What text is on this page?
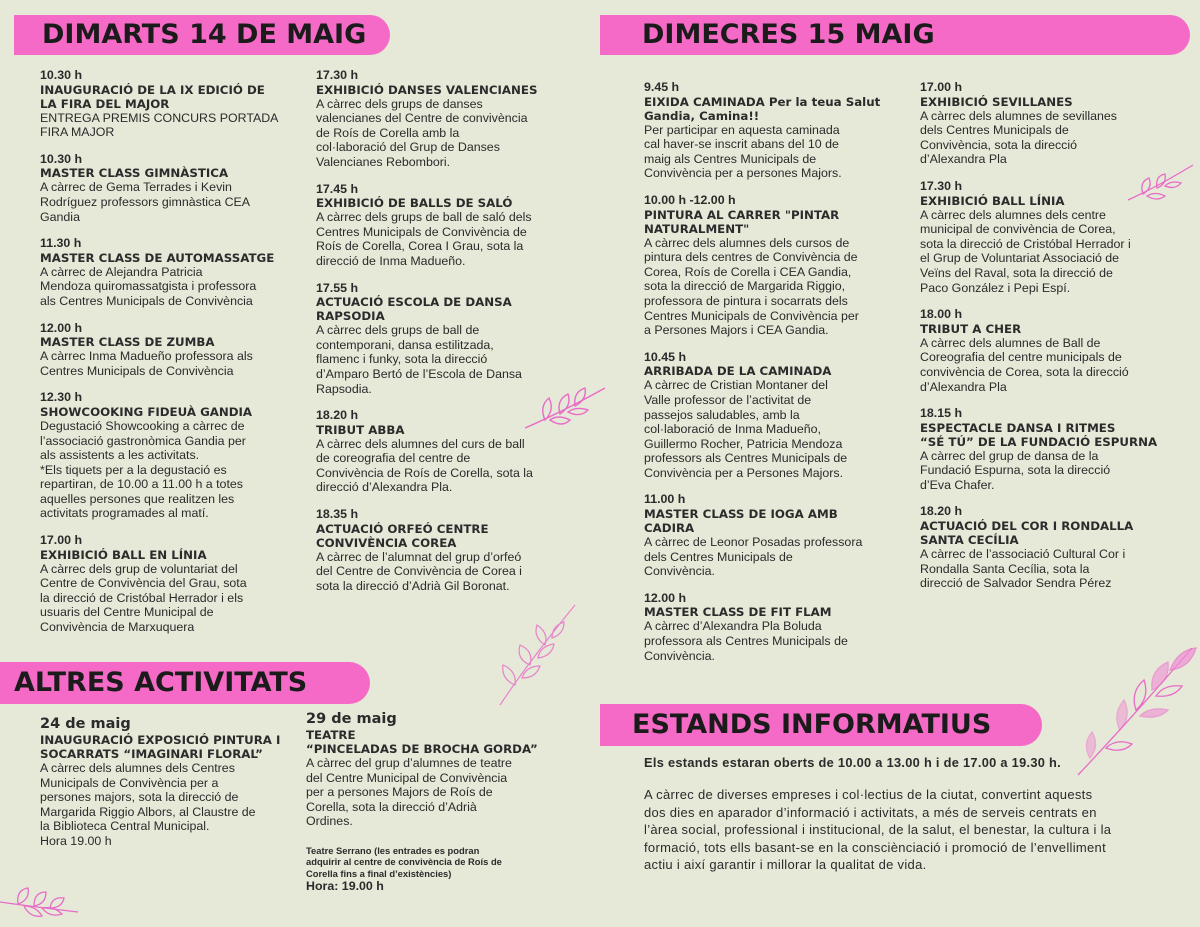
DIMARTS 14 DE MAIG	DIMECRES 15 MAIG
ALTRES ACTIVITATS
ESTANDS INFORMATIUS
10.30 h
INAUGURACIÓ DE LA IX EDICIÓ DE
LA FIRA DEL MAJOR
ENTREGA PREMIS CONCURS PORTADA
FIRA MAJOR
10.30 h
MASTER CLASS GIMNÀSTICA
A càrrec de Gema Terrades i Kevin
Rodríguez professors gimnàstica CEA
Gandia
11.30 h
MASTER CLASS DE AUTOMASSATGE
A càrrec de Alejandra Patricia
Mendoza quiromassatgista i professora
als Centres Municipals de Convivència
12.00 h
MASTER CLASS DE ZUMBA
A càrrec Inma Madueño professora als
Centres Municipals de Convivència
12.30 h
SHOWCOOKING FIDEUÀ GANDIA
Degustació Showcooking a càrrec de
l’associació gastronòmica Gandia per
als assistents a les activitats.
*Els tiquets per a la degustació es
repartiran, de 10.00 a 11.00 h a totes
aquelles persones que realitzen les
activitats programades al matí.
17.00 h
EXHIBICIÓ BALL EN LÍNIA
A càrrec dels grup de voluntariat del
Centre de Convivència del Grau, sota
la direcció de Cristóbal Herrador i els
usuaris del Centre Municipal de
Convivència de Marxuquera
17.30 h
EXHIBICIÓ DANSES VALENCIANES
A càrrec dels grups de danses
valencianes del Centre de convivència
de Roís de Corella amb la
col·laboració del Grup de Danses
Valencianes Rebombori.
17.45 h
EXHIBICIÓ DE BALLS DE SALÓ
A càrrec dels grups de ball de saló dels
Centres Municipals de Convivència de
Roís de Corella, Corea I Grau, sota la
direcció de Inma Madueño.
17.55 h
ACTUACIÓ ESCOLA DE DANSA
RAPSODIA
A càrrec dels grups de ball de
contemporani, dansa estilitzada,
flamenc i funky, sota la direcció
d’Amparo Bertó de l’Escola de Dansa
Rapsodia.
18.20 h
TRIBUT ABBA
A càrrec dels alumnes del curs de ball
de coreografia del centre de
Convivència de Roís de Corella, sota la
direcció d’Alexandra Pla.
18.35 h
ACTUACIÓ ORFEÓ CENTRE
CONVIVÈNCIA COREA
A càrrec de l’alumnat del grup d’orfeó
del Centre de Convivència de Corea i
sota la direcció d’Adrià Gil Boronat.
9.45 h
EIXIDA CAMINADA Per la teua Salut
Gandia, Camina!!
Per participar en aquesta caminada
cal haver-se inscrit abans del 10 de
maig als Centres Municipals de
Convivència per a persones Majors.
10.00 h -12.00 h
PINTURA AL CARRER "PINTAR
NATURALMENT"
A càrrec dels alumnes dels cursos de
pintura dels centres de Convivència de
Corea, Roís de Corella i CEA Gandia,
sota la direcció de Margarida Riggio,
professora de pintura i socarrats dels
Centres Municipals de Convivència per
a Persones Majors i CEA Gandia.
10.45 h
ARRIBADA DE LA CAMINADA
A càrrec de Cristian Montaner del
Valle professor de l’activitat de
passejos saludables, amb la
col·laboració de Inma Madueño,
Guillermo Rocher, Patricia Mendoza
professors als Centres Municipals de
Convivència per a Persones Majors.
11.00 h
MASTER CLASS DE IOGA AMB
CADIRA
A càrrec de Leonor Posadas professora
dels Centres Municipals de
Convivència.
12.00 h
MASTER CLASS DE FIT FLAM
A càrrec d’Alexandra Pla Boluda
professora als Centres Municipals de
Convivència.
17.00 h
EXHIBICIÓ SEVILLANES
A càrrec dels alumnes de sevillanes
dels Centres Municipals de
Convivència, sota la direcció
d’Alexandra Pla
17.30 h
EXHIBICIÓ BALL LÍNIA
A càrrec dels alumnes dels centre
municipal de convivència de Corea,
sota la direcció de Cristóbal Herrador i
el Grup de Voluntariat Associació de
Veïns del Raval, sota la direcció de
Paco González i Pepi Espí.
18.00 h
TRIBUT A CHER
A càrrec dels alumnes de Ball de
Coreografia del centre municipals de
convivència de Corea, sota la direcció
d’Alexandra Pla
18.15 h
ESPECTACLE DANSA I RITMES
“SÉ TÚ” DE LA FUNDACIÓ ESPURNA
A càrrec del grup de dansa de la
Fundació Espurna, sota la direcció
d’Eva Chafer.
18.20 h
ACTUACIÓ DEL COR I RONDALLA
SANTA CECÍLIA
A càrrec de l’associació Cultural Cor i
Rondalla Santa Cecília, sota la
direcció de Salvador Sendra Pérez
24 de maig
INAUGURACIÓ EXPOSICIÓ PINTURA I
SOCARRATS “IMAGINARI FLORAL”
A càrrec dels alumnes dels Centres
Municipals de Convivència per a
persones majors, sota la direcció de
Margarida Riggio Albors, al Claustre de
la Biblioteca Central Municipal.
Hora 19.00 h
29 de maig
TEATRE
“PINCELADAS DE BROCHA GORDA”
A càrrec del grup d’alumnes de teatre
del Centre Municipal de Convivència
per a persones Majors de Roís de
Corella, sota la direcció d’Adrià
Ordines.
Teatre Serrano (les entrades es podran
adquirir al centre de convivència de Roís de
Corella fins a final d’existències)
Hora: 19.00 h
Els estands estaran oberts de 10.00 a 13.00 h i de 17.00 a 19.30 h.
A càrrec de diverses empreses i col·lectius de la ciutat, convertint aquests
dos dies en aparador d’informació i activitats, a més de serveis centrats en
l’àrea social, professional i institucional, de la salut, el benestar, la cultura i la
formació, tots ells basant-se en la consciènciació i promoció de l’envelliment
actiu i així garantir i millorar la qualitat de vida.
